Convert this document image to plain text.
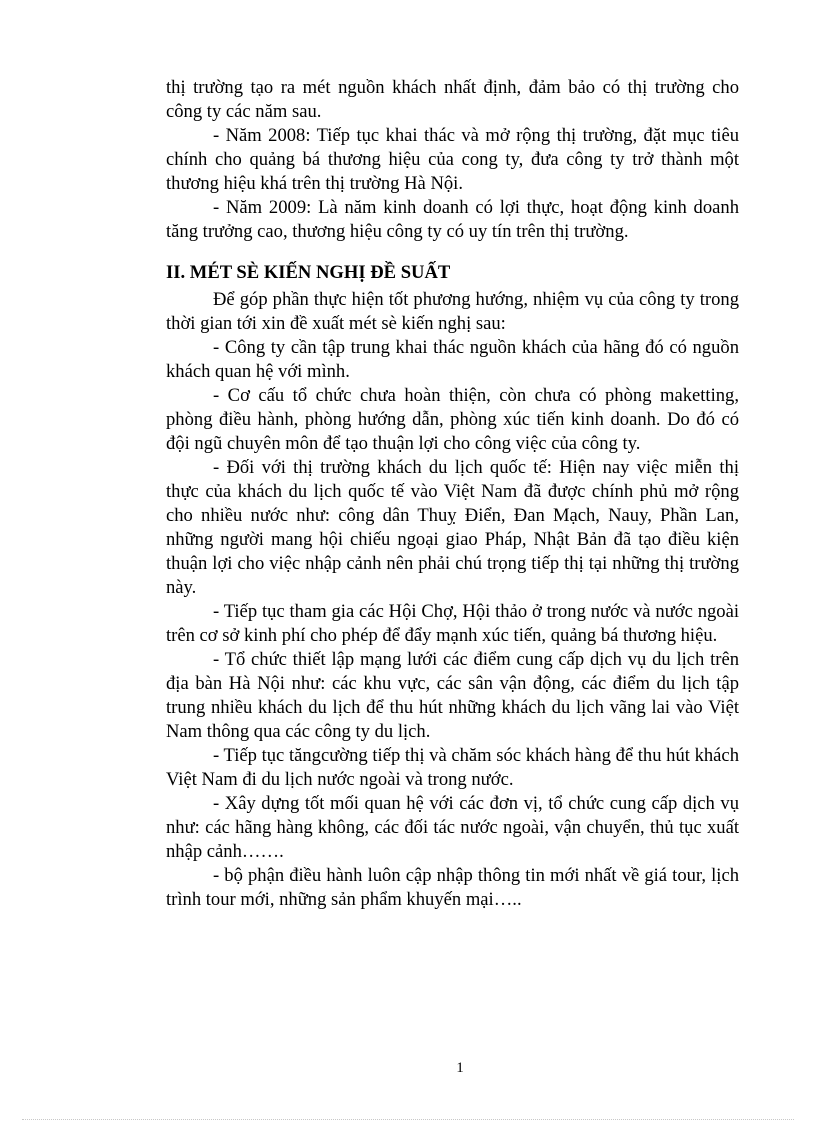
thị trường tạo ra mét nguồn khách nhất định, đảm bảo có thị trường cho công ty các năm sau.

- Năm 2008: Tiếp tục khai thác và mở rộng thị trường, đặt mục tiêu chính cho quảng bá thương hiệu của cong ty, đưa công ty trở thành một thương hiệu khá trên thị trường Hà Nội.

- Năm 2009: Là năm kinh doanh có lợi thực, hoạt động kinh doanh tăng trưởng cao, thương hiệu công ty có uy tín trên thị trường.

II. MÉT SÈ KIẾN NGHỊ ĐỀ SUẤT

Để góp phần thực hiện tốt phương hướng, nhiệm vụ của công ty trong thời gian tới xin đề xuất mét sè kiến nghị sau:

- Công ty cần tập trung khai thác nguồn khách của hãng đó có nguồn khách quan hệ với mình.

- Cơ cấu tổ chức chưa hoàn thiện, còn chưa có phòng maketting, phòng điều hành, phòng hướng dẫn, phòng xúc tiến kinh doanh. Do đó có đội ngũ chuyên môn để tạo thuận lợi cho công việc của công ty.

- Đối với thị trường khách du lịch quốc tế: Hiện nay việc miễn thị thực của khách du lịch quốc tế vào Việt Nam đã được chính phủ mở rộng cho nhiều nước như: công dân Thuỵ Điển, Đan Mạch, Nauy, Phần Lan, những người mang hội chiếu ngoại giao Pháp, Nhật Bản đã tạo điều kiện thuận lợi cho việc nhập cảnh nên phải chú trọng tiếp thị tại những thị trường này.

- Tiếp tục tham gia các Hội Chợ, Hội thảo ở trong nước và nước ngoài trên cơ sở kinh phí cho phép để đẩy mạnh xúc tiến, quảng bá thương hiệu.

- Tổ chức thiết lập mạng lưới các điểm cung cấp dịch vụ du lịch trên địa bàn Hà Nội như: các khu vực, các sân vận động, các điểm du lịch tập trung nhiều khách du lịch để thu hút những khách du lịch vãng lai vào Việt Nam thông qua các công ty du lịch.

- Tiếp tục tăngcường tiếp thị và chăm sóc khách hàng để thu hút khách Việt Nam đi du lịch nước ngoài và trong nước.

- Xây dựng tốt mối quan hệ với các đơn vị, tổ chức cung cấp dịch vụ như: các hãng hàng không, các đối tác nước ngoài, vận chuyển, thủ tục xuất nhập cảnh…….

- bộ phận điều hành luôn cập nhập thông tin mới nhất về giá tour, lịch trình tour mới, những sản phẩm khuyến mại…..

1
